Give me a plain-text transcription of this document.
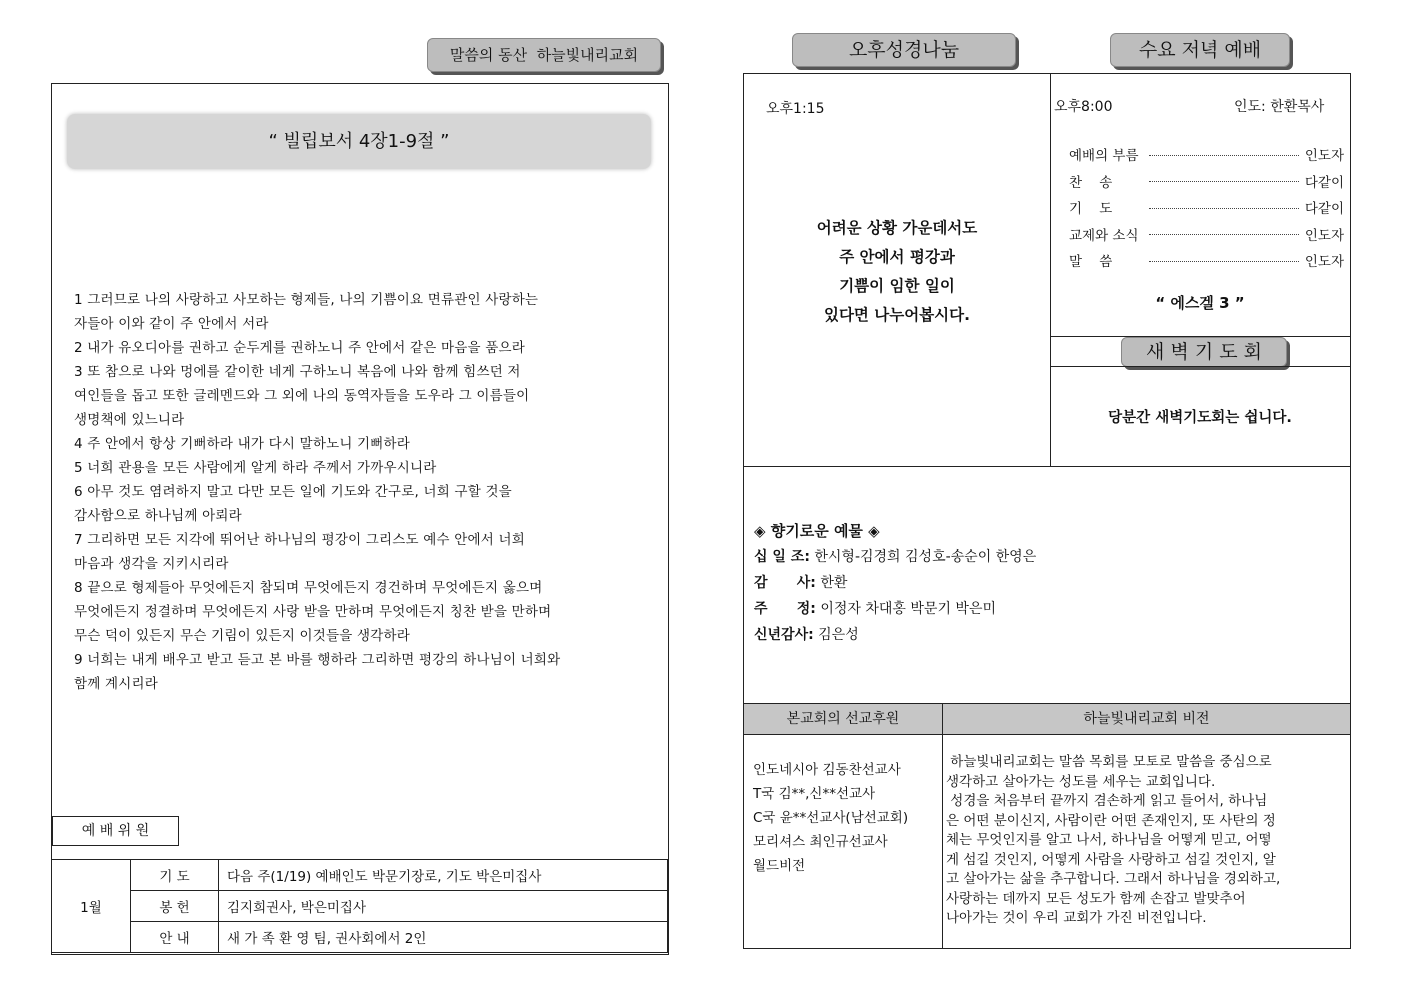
말씀의 동산  하늘빛내리교회
“ 빌립보서 4장1-9절 ”
1 그러므로 나의 사랑하고 사모하는 형제들, 나의 기쁨이요 면류관인 사랑하는
자들아 이와 같이 주 안에서 서라
2 내가 유오디아를 권하고 순두게를 권하노니 주 안에서 같은 마음을 품으라
3 또 참으로 나와 멍에를 같이한 네게 구하노니 복음에 나와 함께 힘쓰던 저
여인들을 돕고 또한 글레멘드와 그 외에 나의 동역자들을 도우라 그 이름들이
생명책에 있느니라
4 주 안에서 항상 기뻐하라 내가 다시 말하노니 기뻐하라
5 너희 관용을 모든 사람에게 알게 하라 주께서 가까우시니라
6 아무 것도 염려하지 말고 다만 모든 일에 기도와 간구로, 너희 구할 것을
감사함으로 하나님께 아뢰라
7 그리하면 모든 지각에 뛰어난 하나님의 평강이 그리스도 예수 안에서 너희
마음과 생각을 지키시리라
8 끝으로 형제들아 무엇에든지 참되며 무엇에든지 경건하며 무엇에든지 옳으며
무엇에든지 정결하며 무엇에든지 사랑 받을 만하며 무엇에든지 칭찬 받을 만하며
무슨 덕이 있든지 무슨 기림이 있든지 이것들을 생각하라
9 너희는 내게 배우고 받고 듣고 본 바를 행하라 그리하면 평강의 하나님이 너희와
함께 계시리라
예 배 위 원
1월	기 도	다음 주(1/19) 예배인도 박문기장로, 기도 박은미집사
	봉 헌	김지희권사, 박은미집사
	안 내	새 가 족 환 영 팀, 권사회에서 2인
오후성경나눔	수요 저녁 예배
오후1:15
어려운 상황 가운데서도
주 안에서 평강과
기쁨이 임한 일이
있다면 나누어봅시다.
오후8:00	인도: 한환목사
예배의 부름	인도자
찬    송	다같이
기    도	다같이
교제와 소식	인도자
말    씀	인도자
“ 에스겔 3 ”
새 벽 기 도 회
당분간 새벽기도회는 쉽니다.
◈ 향기로운 예물 ◈
십 일 조: 한시형-김경희 김성호-송순이 한영은
감      사: 한환
주      정: 이정자 차대홍 박문기 박은미
신년감사: 김은성
본교회의 선교후원	하늘빛내리교회 비전
인도네시아 김동찬선교사
T국 김**,신**선교사
C국 윤**선교사(남선교회)
모리셔스 최인규선교사
월드비전
하늘빛내리교회는 말씀 목회를 모토로 말씀을 중심으로
생각하고 살아가는 성도를 세우는 교회입니다.
성경을 처음부터 끝까지 겸손하게 읽고 들어서, 하나님
은 어떤 분이신지, 사람이란 어떤 존재인지, 또 사탄의 정
체는 무엇인지를 알고 나서, 하나님을 어떻게 믿고, 어떻
게 섬길 것인지, 어떻게 사람을 사랑하고 섬길 것인지, 알
고 살아가는 삶을 추구합니다. 그래서 하나님을 경외하고,
사랑하는 데까지 모든 성도가 함께 손잡고 발맞추어
나아가는 것이 우리 교회가 가진 비전입니다.
